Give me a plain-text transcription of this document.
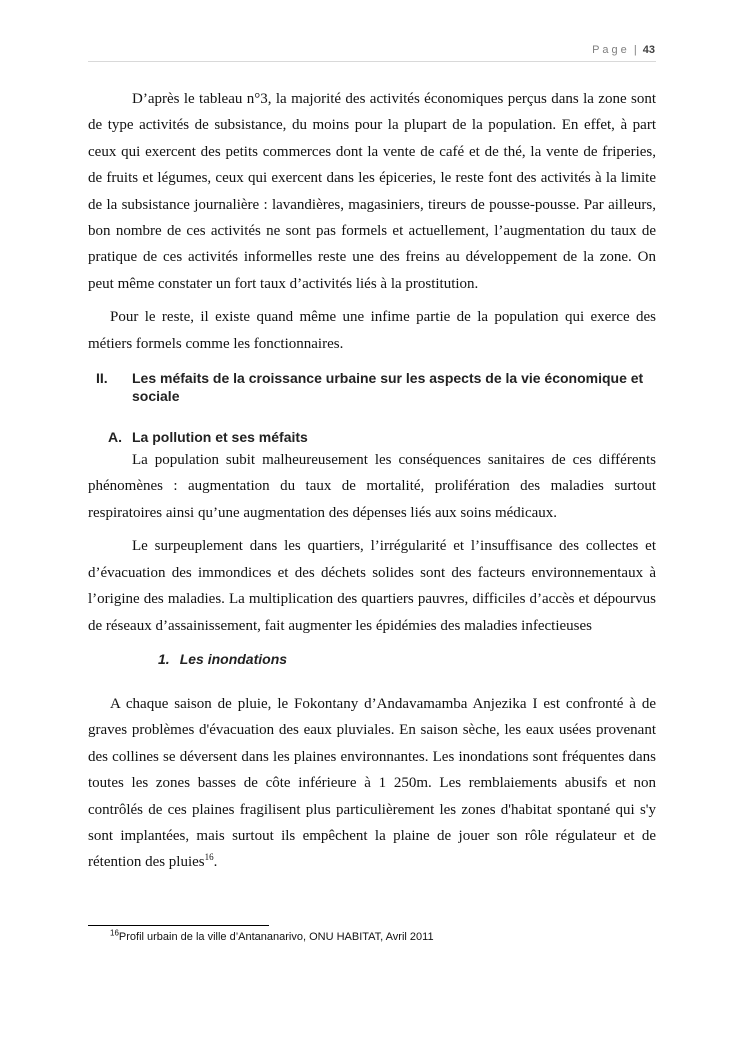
Page | 43

D’après le tableau n°3, la majorité des activités économiques perçus dans la zone sont de type activités de subsistance, du moins pour la plupart de la population. En effet, à part ceux qui exercent des petits commerces dont la vente de café et de thé, la vente de friperies, de fruits et légumes, ceux qui exercent dans les épiceries, le reste font des activités à la limite de la subsistance journalière : lavandières, magasiniers, tireurs de pousse-pousse. Par ailleurs, bon nombre de ces activités ne sont pas formels et actuellement, l’augmentation du taux de pratique de ces activités informelles reste une des freins au développement de la zone. On peut même constater un fort taux d’activités liés à la prostitution.

Pour le reste, il existe quand même une infime partie de la population qui exerce des métiers formels comme les fonctionnaires.

II.	Les méfaits de la croissance urbaine sur les aspects de la vie économique et sociale
A. La pollution et ses méfaits

La population subit malheureusement les conséquences sanitaires de ces différents phénomènes : augmentation du taux de mortalité, prolifération des maladies surtout respiratoires ainsi qu’une augmentation des dépenses liés aux soins médicaux.

Le surpeuplement dans les quartiers, l’irrégularité et l’insuffisance des collectes et d’évacuation des immondices et des déchets solides sont des facteurs environnementaux à l’origine des maladies. La multiplication des quartiers pauvres, difficiles d’accès et dépourvus de réseaux d’assainissement, fait augmenter les épidémies des maladies infectieuses

1. Les inondations

A chaque saison de pluie, le Fokontany d’Andavamamba Anjezika I est confronté à de graves problèmes d'évacuation des eaux pluviales. En saison sèche, les eaux usées provenant des collines se déversent dans les plaines environnantes. Les inondations sont fréquentes dans toutes les zones basses de côte inférieure à 1 250m. Les remblaiements abusifs et non contrôlés de ces plaines fragilisent plus particulièrement les zones d'habitat spontané qui s'y sont implantées, mais surtout ils empêchent la plaine de jouer son rôle régulateur et de rétention des pluies$^{16}$.

$^{16}$Profil urbain de la ville d’Antananarivo, ONU HABITAT, Avril 2011
